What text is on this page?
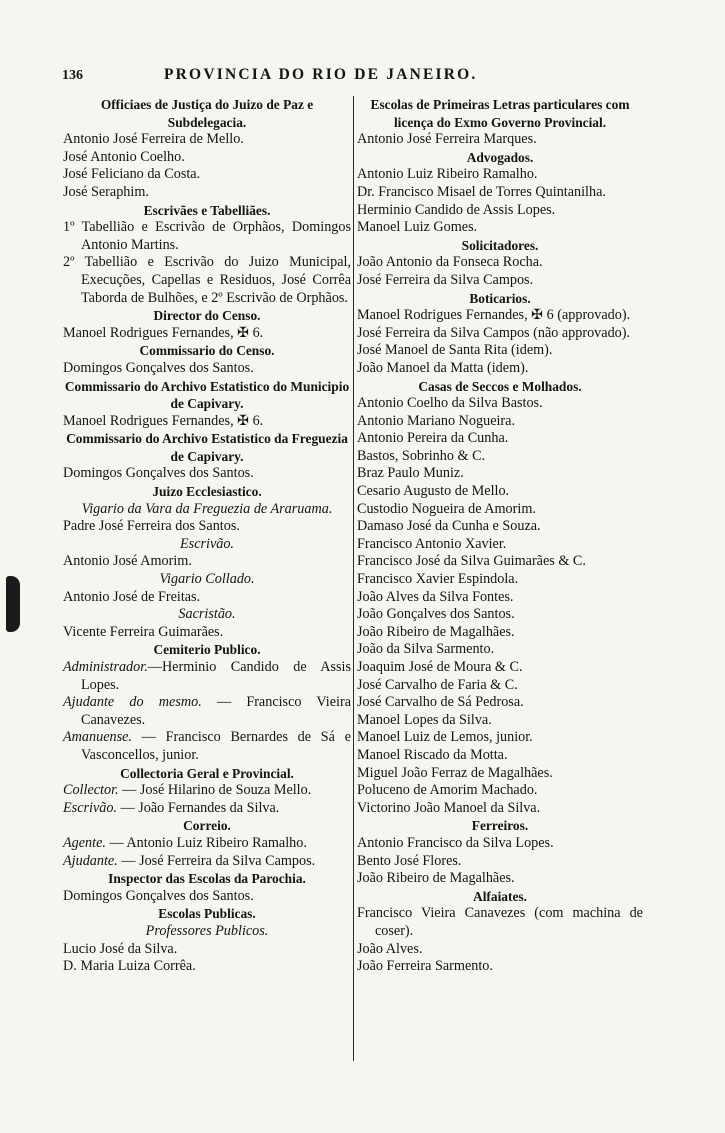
136	PROVINCIA DO RIO DE JANEIRO.

Officiaes de Justiça do Juizo de Paz e Subdelegacia.

Antonio José Ferreira de Mello.

José Antonio Coelho.

José Feliciano da Costa.

José Seraphim.

Escrivães e Tabelliães.

1º Tabellião e Escrivão de Orphãos, Domingos Antonio Martins.

2º Tabellião e Escrivão do Juizo Municipal, Execuções, Capellas e Residuos, José Corrêa Taborda de Bulhões, e 2º Escrivão de Orphãos.

Director do Censo.

Manoel Rodrigues Fernandes, ✠ 6.

Commissario do Censo.

Domingos Gonçalves dos Santos.

Commissario do Archivo Estatistico do Municipio de Capivary.

Manoel Rodrigues Fernandes, ✠ 6.

Commissario do Archivo Estatistico da Freguezia de Capivary.

Domingos Gonçalves dos Santos.

Juizo Ecclesiastico.

Vigario da Vara da Freguezia de Araruama.

Padre José Ferreira dos Santos.

Escrivão.

Antonio José Amorim.

Vigario Collado.

Antonio José de Freitas.

Sacristão.

Vicente Ferreira Guimarães.

Cemiterio Publico.

Administrador.—Herminio Candido de Assis Lopes.

Ajudante do mesmo. — Francisco Vieira Canavezes.

Amanuense. — Francisco Bernardes de Sá e Vasconcellos, junior.

Collectoria Geral e Provincial.

Collector. — José Hilarino de Souza Mello.

Escrivão. — João Fernandes da Silva.

Correio.

Agente. — Antonio Luiz Ribeiro Ramalho.

Ajudante. — José Ferreira da Silva Campos.

Inspector das Escolas da Parochia.

Domingos Gonçalves dos Santos.

Escolas Publicas.

Professores Publicos.

Lucio José da Silva.

D. Maria Luiza Corrêa.

Escolas de Primeiras Letras particulares com licença do Exmo Governo Provincial.

Antonio José Ferreira Marques.

Advogados.

Antonio Luiz Ribeiro Ramalho.

Dr. Francisco Misael de Torres Quintanilha.

Herminio Candido de Assis Lopes.

Manoel Luiz Gomes.

Solicitadores.

João Antonio da Fonseca Rocha.

José Ferreira da Silva Campos.

Boticarios.

Manoel Rodrigues Fernandes, ✠ 6 (approvado).

José Ferreira da Silva Campos (não approvado).

José Manoel de Santa Rita (idem).

João Manoel da Matta (idem).

Casas de Seccos e Molhados.

Antonio Coelho da Silva Bastos.

Antonio Mariano Nogueira.

Antonio Pereira da Cunha.

Bastos, Sobrinho & C.

Braz Paulo Muniz.

Cesario Augusto de Mello.

Custodio Nogueira de Amorim.

Damaso José da Cunha e Souza.

Francisco Antonio Xavier.

Francisco José da Silva Guimarães & C.

Francisco Xavier Espindola.

João Alves da Silva Fontes.

João Gonçalves dos Santos.

João Ribeiro de Magalhães.

João da Silva Sarmento.

Joaquim José de Moura & C.

José Carvalho de Faria & C.

José Carvalho de Sá Pedrosa.

Manoel Lopes da Silva.

Manoel Luiz de Lemos, junior.

Manoel Riscado da Motta.

Miguel João Ferraz de Magalhães.

Poluceno de Amorim Machado.

Victorino João Manoel da Silva.

Ferreiros.

Antonio Francisco da Silva Lopes.

Bento José Flores.

João Ribeiro de Magalhães.

Alfaiates.

Francisco Vieira Canavezes (com machina de coser).

João Alves.

João Ferreira Sarmento.
